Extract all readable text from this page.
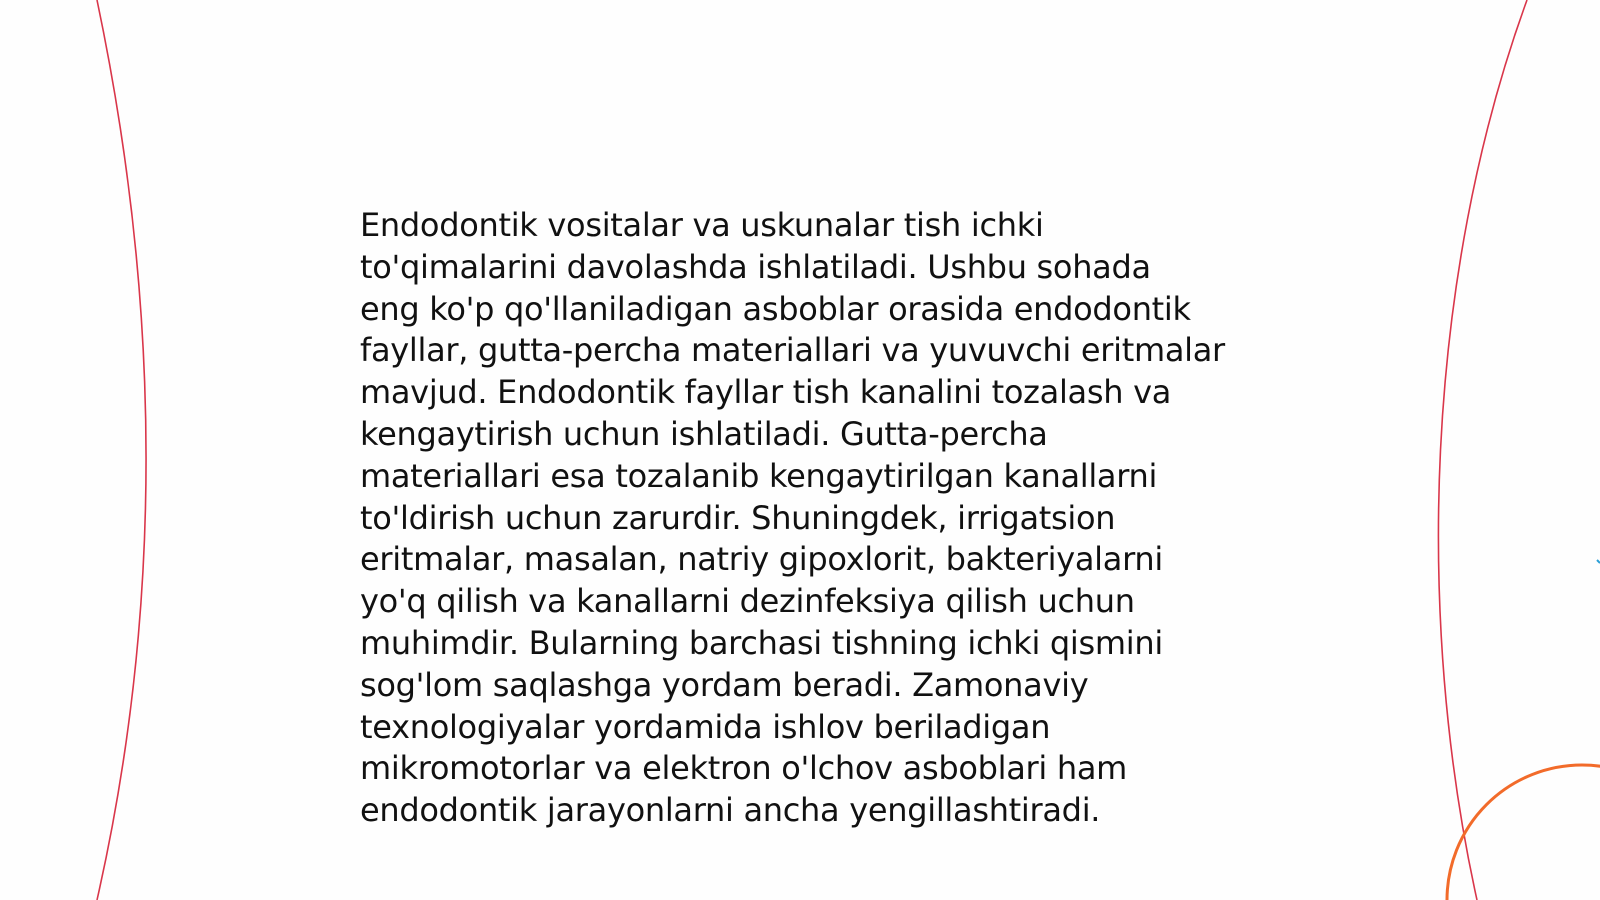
Endodontik vositalar va uskunalar tish ichki
to'qimalarini davolashda ishlatiladi. Ushbu sohada
eng ko'p qo'llaniladigan asboblar orasida endodontik
fayllar, gutta-percha materiallari va yuvuvchi eritmalar
mavjud. Endodontik fayllar tish kanalini tozalash va
kengaytirish uchun ishlatiladi. Gutta-percha
materiallari esa tozalanib kengaytirilgan kanallarni
to'ldirish uchun zarurdir. Shuningdek, irrigatsion
eritmalar, masalan, natriy gipoxlorit, bakteriyalarni
yo'q qilish va kanallarni dezinfeksiya qilish uchun
muhimdir. Bularning barchasi tishning ichki qismini
sog'lom saqlashga yordam beradi. Zamonaviy
texnologiyalar yordamida ishlov beriladigan
mikromotorlar va elektron o'lchov asboblari ham
endodontik jarayonlarni ancha yengillashtiradi.
